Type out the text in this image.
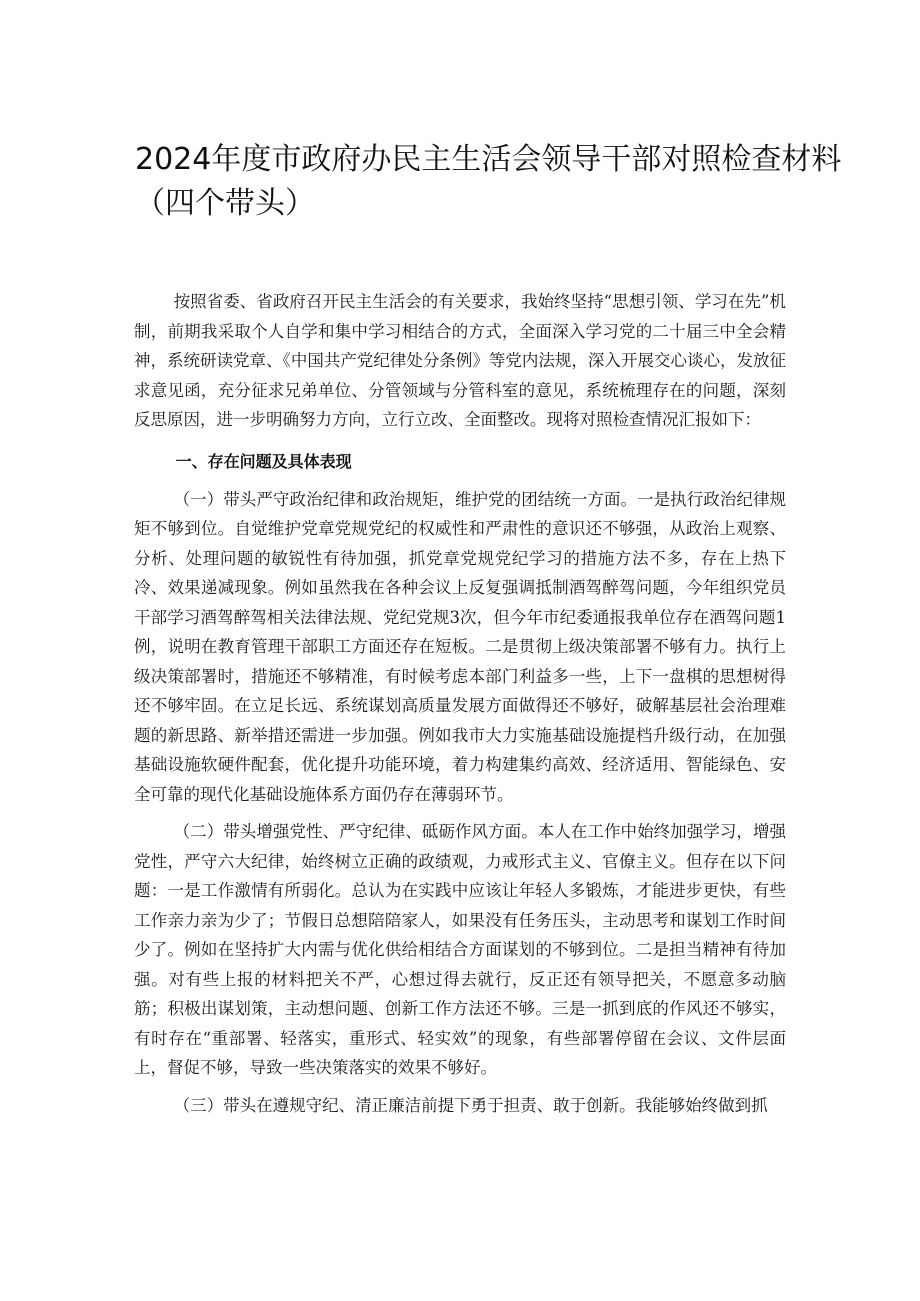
2024年度市政府办民主生活会领导干部对照检查材料
（四个带头）

按照省委、省政府召开民主生活会的有关要求，我始终坚持“思想引领、学习在先”机制，前期我采取个人自学和集中学习相结合的方式，全面深入学习党的二十届三中全会精神，系统研读党章、《中国共产党纪律处分条例》等党内法规，深入开展交心谈心，发放征求意见函，充分征求兄弟单位、分管领域与分管科室的意见，系统梳理存在的问题，深刻反思原因，进一步明确努力方向，立行立改、全面整改。现将对照检查情况汇报如下：

一、存在问题及具体表现

（一）带头严守政治纪律和政治规矩，维护党的团结统一方面。一是执行政治纪律规矩不够到位。自觉维护党章党规党纪的权威性和严肃性的意识还不够强，从政治上观察、分析、处理问题的敏锐性有待加强，抓党章党规党纪学习的措施方法不多，存在上热下冷、效果递减现象。例如虽然我在各种会议上反复强调抵制酒驾醉驾问题，今年组织党员干部学习酒驾醉驾相关法律法规、党纪党规3次，但今年市纪委通报我单位存在酒驾问题1例，说明在教育管理干部职工方面还存在短板。二是贯彻上级决策部署不够有力。执行上级决策部署时，措施还不够精准，有时候考虑本部门利益多一些，上下一盘棋的思想树得还不够牢固。在立足长远、系统谋划高质量发展方面做得还不够好，破解基层社会治理难题的新思路、新举措还需进一步加强。例如我市大力实施基础设施提档升级行动，在加强基础设施软硬件配套，优化提升功能环境，着力构建集约高效、经济适用、智能绿色、安全可靠的现代化基础设施体系方面仍存在薄弱环节。

（二）带头增强党性、严守纪律、砥砺作风方面。本人在工作中始终加强学习，增强党性，严守六大纪律，始终树立正确的政绩观，力戒形式主义、官僚主义。但存在以下问题：一是工作激情有所弱化。总认为在实践中应该让年轻人多锻炼，才能进步更快，有些工作亲力亲为少了；节假日总想陪陪家人，如果没有任务压头，主动思考和谋划工作时间少了。例如在坚持扩大内需与优化供给相结合方面谋划的不够到位。二是担当精神有待加强。对有些上报的材料把关不严，心想过得去就行，反正还有领导把关，不愿意多动脑筋；积极出谋划策，主动想问题、创新工作方法还不够。三是一抓到底的作风还不够实，有时存在“重部署、轻落实，重形式、轻实效”的现象，有些部署停留在会议、文件层面上，督促不够，导致一些决策落实的效果不够好。

（三）带头在遵规守纪、清正廉洁前提下勇于担责、敢于创新。我能够始终做到抓
